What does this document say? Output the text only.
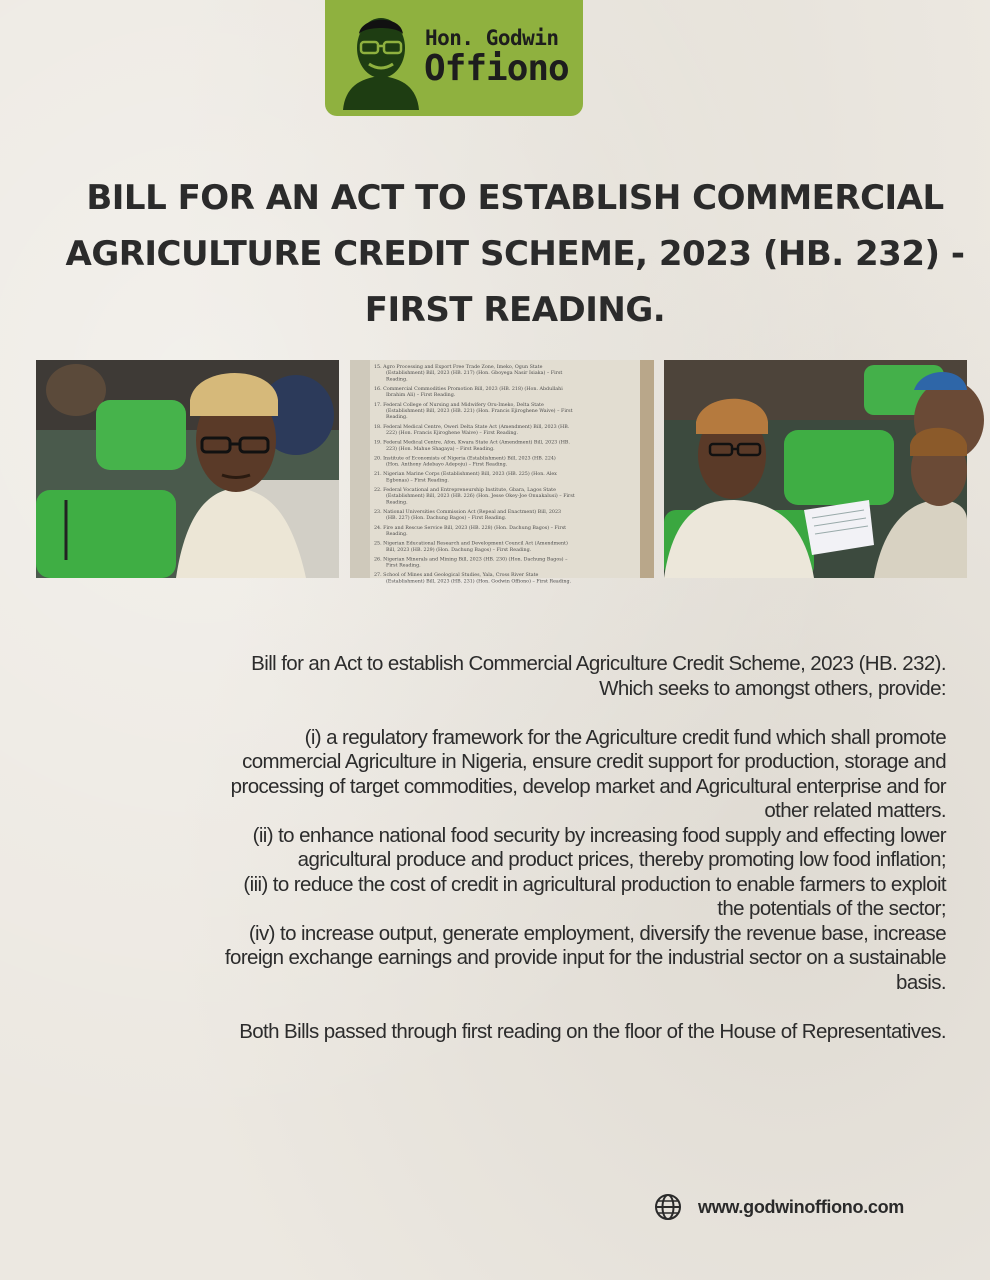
Hon. Godwin
Offiono
BILL FOR AN ACT TO ESTABLISH COMMERCIAL
AGRICULTURE CREDIT SCHEME, 2023 (HB. 232) -
FIRST READING.
15. Agro Processing and Export Free Trade Zone, Imeko, Ogun State
(Establishment) Bill, 2023 (HB. 217) (Hon. Gboyega Nasir Isiaka) – First
Reading.
16. Commercial Commodities Promotion Bill, 2023 (HB. 218) (Hon. Abdullahi
Ibrahim Ali) – First Reading.
17. Federal College of Nursing and Midwifery Oru-Imeko, Delta State
(Establishment) Bill, 2023 (HB. 221) (Hon. Francis Ejiroghene Waive) – First
Reading.
18. Federal Medical Centre, Oweri Delta State Act (Amendment) Bill, 2023 (HB.
222) (Hon. Francis Ejiroghene Waive) – First Reading.
19. Federal Medical Centre, Afon, Kwara State Act (Amendment) Bill, 2023 (HB.
223) (Hon. Mahue Shagaya) – First Reading.
20. Institute of Economists of Nigeria (Establishment) Bill, 2023 (HB. 224)
(Hon. Anthony Adebayo Adepoju) – First Reading.
21. Nigerian Marine Corps (Establishment) Bill, 2023 (HB. 225) (Hon. Alex
Egbonas) – First Reading.
22. Federal Vocational and Entrepreneurship Institute, Gbara, Lagos State
(Establishment) Bill, 2023 (HB. 226) (Hon. Jesse Okey-Joe Onuakalusi) – First
Reading.
23. National Universities Commission Act (Repeal and Enactment) Bill, 2023
(HB. 227) (Hon. Dachung Bagos) – First Reading.
24. Fire and Rescue Service Bill, 2023 (HB. 228) (Hon. Dachung Bagos) – First
Reading.
25. Nigerian Educational Research and Development Council Act (Amendment)
Bill, 2023 (HB. 229) (Hon. Dachung Bagos) – First Reading.
26. Nigerian Minerals and Mining Bill, 2023 (HB. 230) (Hon. Dachung Bagos) –
First Reading.
27. School of Mines and Geological Studies, Yala, Cross River State
(Establishment) Bill, 2023 (HB. 231) (Hon. Godwin Offiono) – First Reading.

Bill for an Act to establish Commercial Agriculture Credit Scheme, 2023 (HB. 232).

Which seeks to amongst others, provide:

(i) a regulatory framework for the Agriculture credit fund which shall promote

commercial Agriculture in Nigeria, ensure credit support for production, storage and

processing of target commodities, develop market and Agricultural enterprise and for

other related matters.

(ii) to enhance national food security by increasing food supply and effecting lower

agricultural produce and product prices, thereby promoting low food inflation;

(iii) to reduce the cost of credit in agricultural production to enable farmers to exploit

the potentials of the sector;

(iv) to increase output, generate employment, diversify the revenue base, increase

foreign exchange earnings and provide input for the industrial sector on a sustainable

basis.

Both Bills passed through first reading on the floor of the House of Representatives.

www.godwinoffiono.com
